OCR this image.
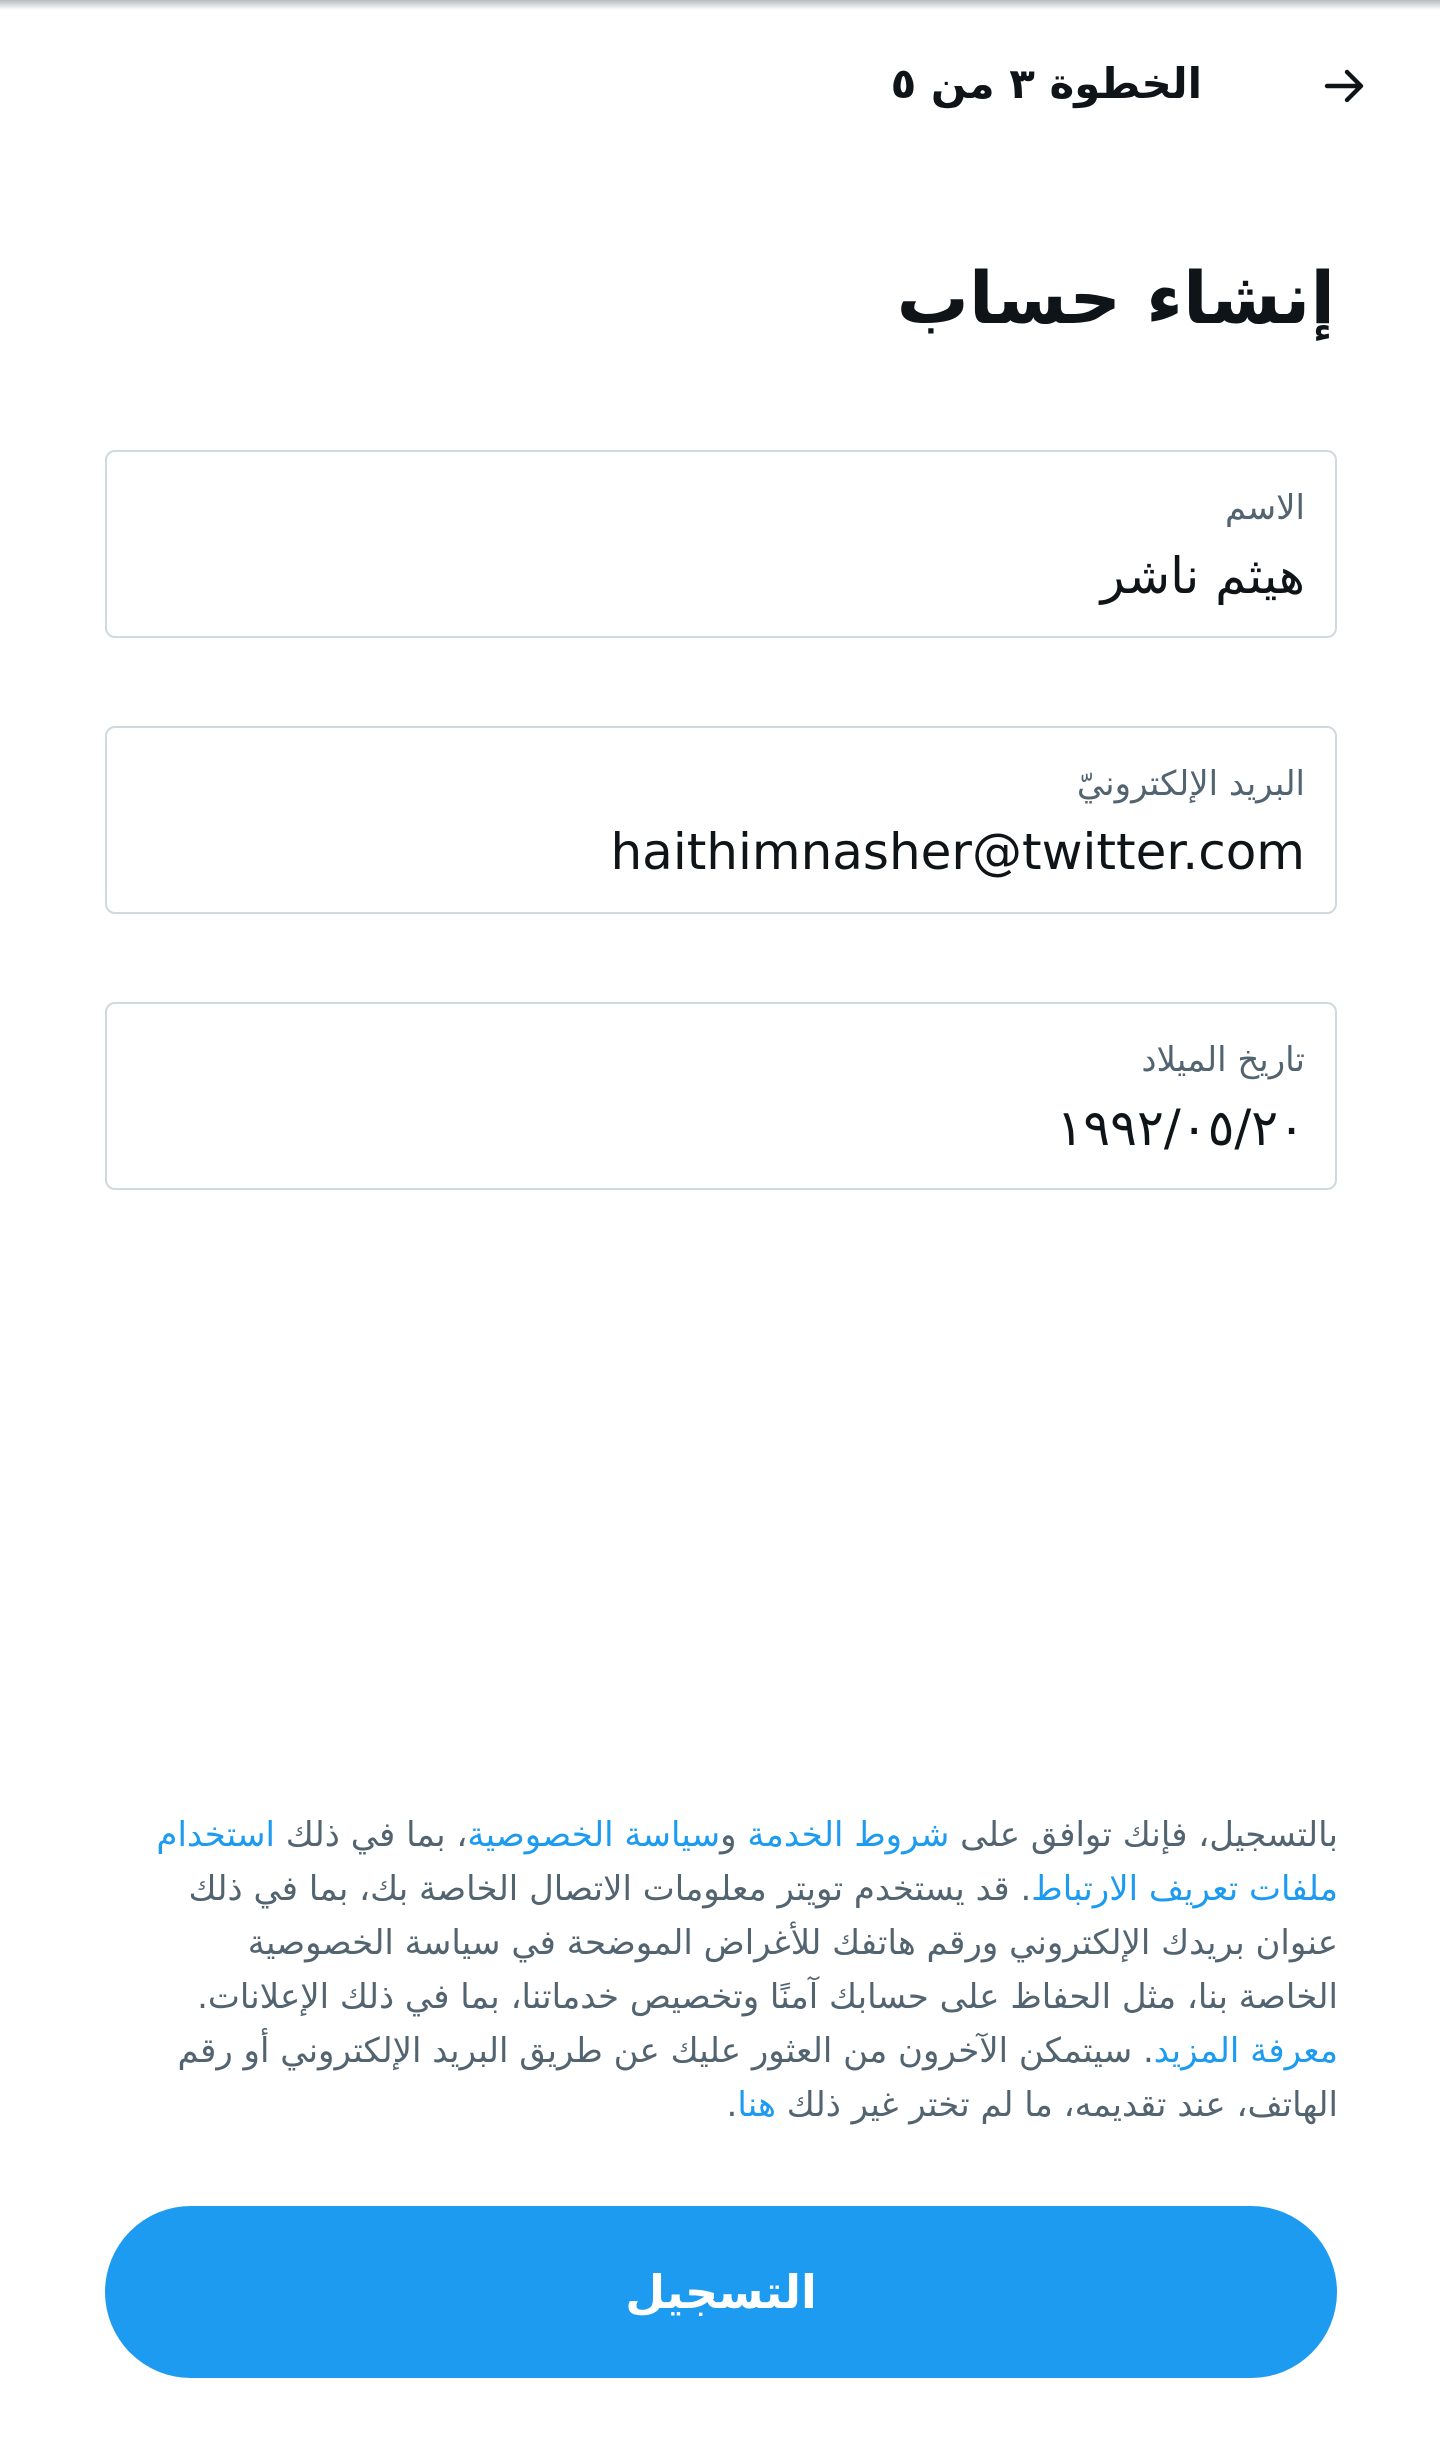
الخطوة ٣ من ٥
إنشاء حساب
الاسم
هيثم ناشر
البريد الإلكترونيّ
haithimnasher@twitter.com
تاريخ الميلاد
١٩٩٢/٠٥/٢٠
بالتسجيل، فإنك توافق على شروط الخدمة وسياسة الخصوصية، بما في ذلك استخدام ملفات تعريف الارتباط. قد يستخدم تويتر معلومات الاتصال الخاصة بك، بما في ذلك عنوان بريدك الإلكتروني ورقم هاتفك للأغراض الموضحة في سياسة الخصوصية الخاصة بنا، مثل الحفاظ على حسابك آمنًا وتخصيص خدماتنا، بما في ذلك الإعلانات. معرفة المزيد. سيتمكن الآخرون من العثور عليك عن طريق البريد الإلكتروني أو رقم الهاتف، عند تقديمه، ما لم تختر غير ذلك هنا.
التسجيل
